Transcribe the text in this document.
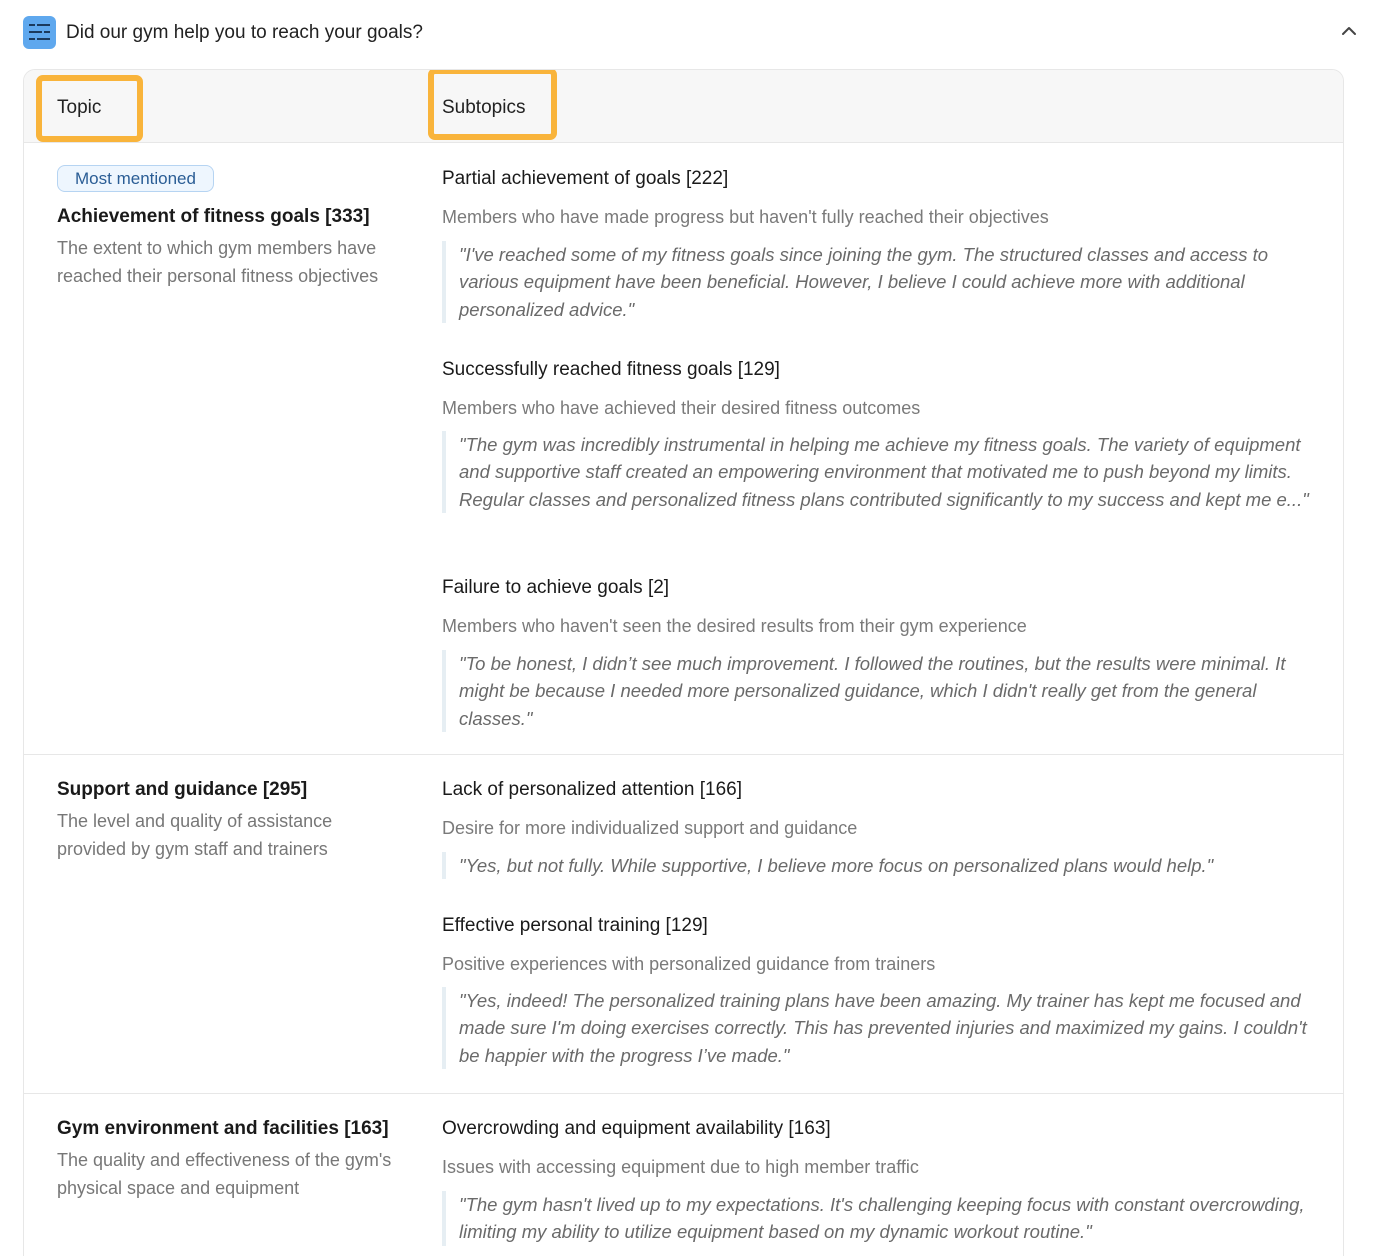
Did our gym help you to reach your goals?
Topic	Subtopics
Most mentioned
Achievement of fitness goals [333]
The extent to which gym members have reached their personal fitness objectives
Partial achievement of goals [222]
Members who have made progress but haven't fully reached their objectives
"I've reached some of my fitness goals since joining the gym. The structured classes and access to various equipment have been beneficial. However, I believe I could achieve more with additional personalized advice."
Successfully reached fitness goals [129]
Members who have achieved their desired fitness outcomes
"The gym was incredibly instrumental in helping me achieve my fitness goals. The variety of equipment and supportive staff created an empowering environment that motivated me to push beyond my limits. Regular classes and personalized fitness plans contributed significantly to my success and kept me e..."
Failure to achieve goals [2]
Members who haven't seen the desired results from their gym experience
"To be honest, I didn’t see much improvement. I followed the routines, but the results were minimal. It might be because I needed more personalized guidance, which I didn't really get from the general classes."
Support and guidance [295]
The level and quality of assistance provided by gym staff and trainers
Lack of personalized attention [166]
Desire for more individualized support and guidance
"Yes, but not fully. While supportive, I believe more focus on personalized plans would help."
Effective personal training [129]
Positive experiences with personalized guidance from trainers
"Yes, indeed! The personalized training plans have been amazing. My trainer has kept me focused and made sure I'm doing exercises correctly. This has prevented injuries and maximized my gains. I couldn't be happier with the progress I’ve made."
Gym environment and facilities [163]
The quality and effectiveness of the gym's physical space and equipment
Overcrowding and equipment availability [163]
Issues with accessing equipment due to high member traffic
"The gym hasn't lived up to my expectations. It's challenging keeping focus with constant overcrowding, limiting my ability to utilize equipment based on my dynamic workout routine."
